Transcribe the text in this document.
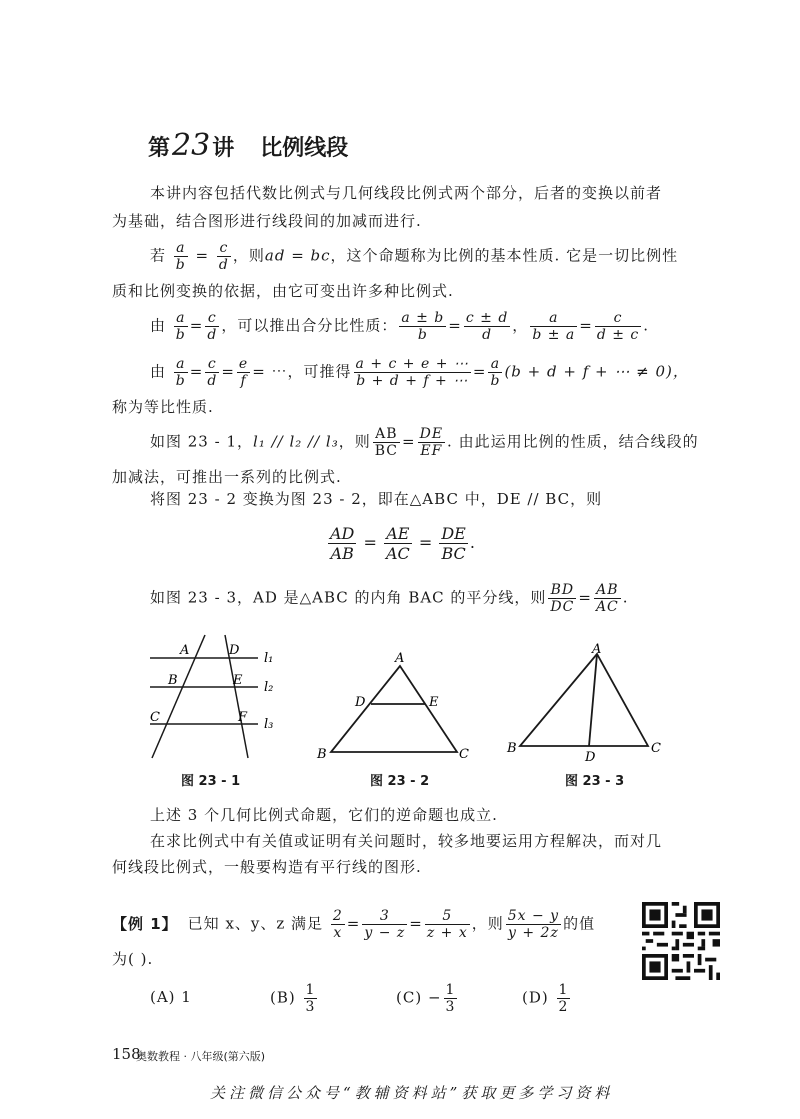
第23讲 比例线段
本讲内容包括代数比例式与几何线段比例式两个部分，后者的变换以前者
为基础，结合图形进行线段间的加减而进行.
若 $\frac{a}{b} = \frac{c}{d}$ ，则ad = bc，这个命题称为比例的基本性质. 它是一切比例性
质和比例变换的依据，由它可变出许多种比例式.
由 $\frac{a}{b} = \frac{c}{d}$ ，可以推出合分比性质： $\frac{a \pm b}{b} = \frac{c \pm d}{d}$ ， $\frac{a}{b \pm a} = \frac{c}{d \pm c}$ .
由 $\frac{a}{b} = \frac{c}{d} = \frac{e}{f}$ = ⋯，可推得 $\frac{a + c + e + \cdots}{b + d + f + \cdots} = \frac{a}{b} (b + d + f$ + ⋯ ≠ 0)，
称为等比性质.
如图 23 - 1，l₁ // l₂ // l₃，则 $\frac{AB}{BC} = \frac{DE}{EF}$ . 由此运用比例的性质，结合线段的
加减法，可推出一系列的比例式.
将图 23 - 2 变换为图 23 - 2，即在△ABC 中，DE // BC，则
$\frac{AD}{AB} = \frac{AE}{AC} = \frac{DE}{BC}$ .
如图 23 - 3，AD 是△ABC 的内角 BAC 的平分线，则 $\frac{BD}{DC} = \frac{AB}{AC}$ .
A	D
B	E
C	F
l₁
l₂
l₃
图 23 - 1
A
D	E
B	C
图 23 - 2
A
B	C
D
图 23 - 3
上述 3 个几何比例式命题，它们的逆命题也成立.
在求比例式中有关值或证明有关问题时，较多地要运用方程解决，而对几
何线段比例式，一般要构造有平行线的图形.
【例 1】 已知 x、y、z 满足 $\frac{2}{x} = \frac{3}{y - z} = \frac{5}{z + x}$ ，则 $\frac{5x - y}{y + 2z}$ 的值
为( ).
(A) 1	$(B) \frac{1}{3}$	$(C) - \frac{1}{3}$	$(D) \frac{1}{2}$
158
奥数教程 · 八年级(第六版)
关注微信公众号“教辅资料站”获取更多学习资料
